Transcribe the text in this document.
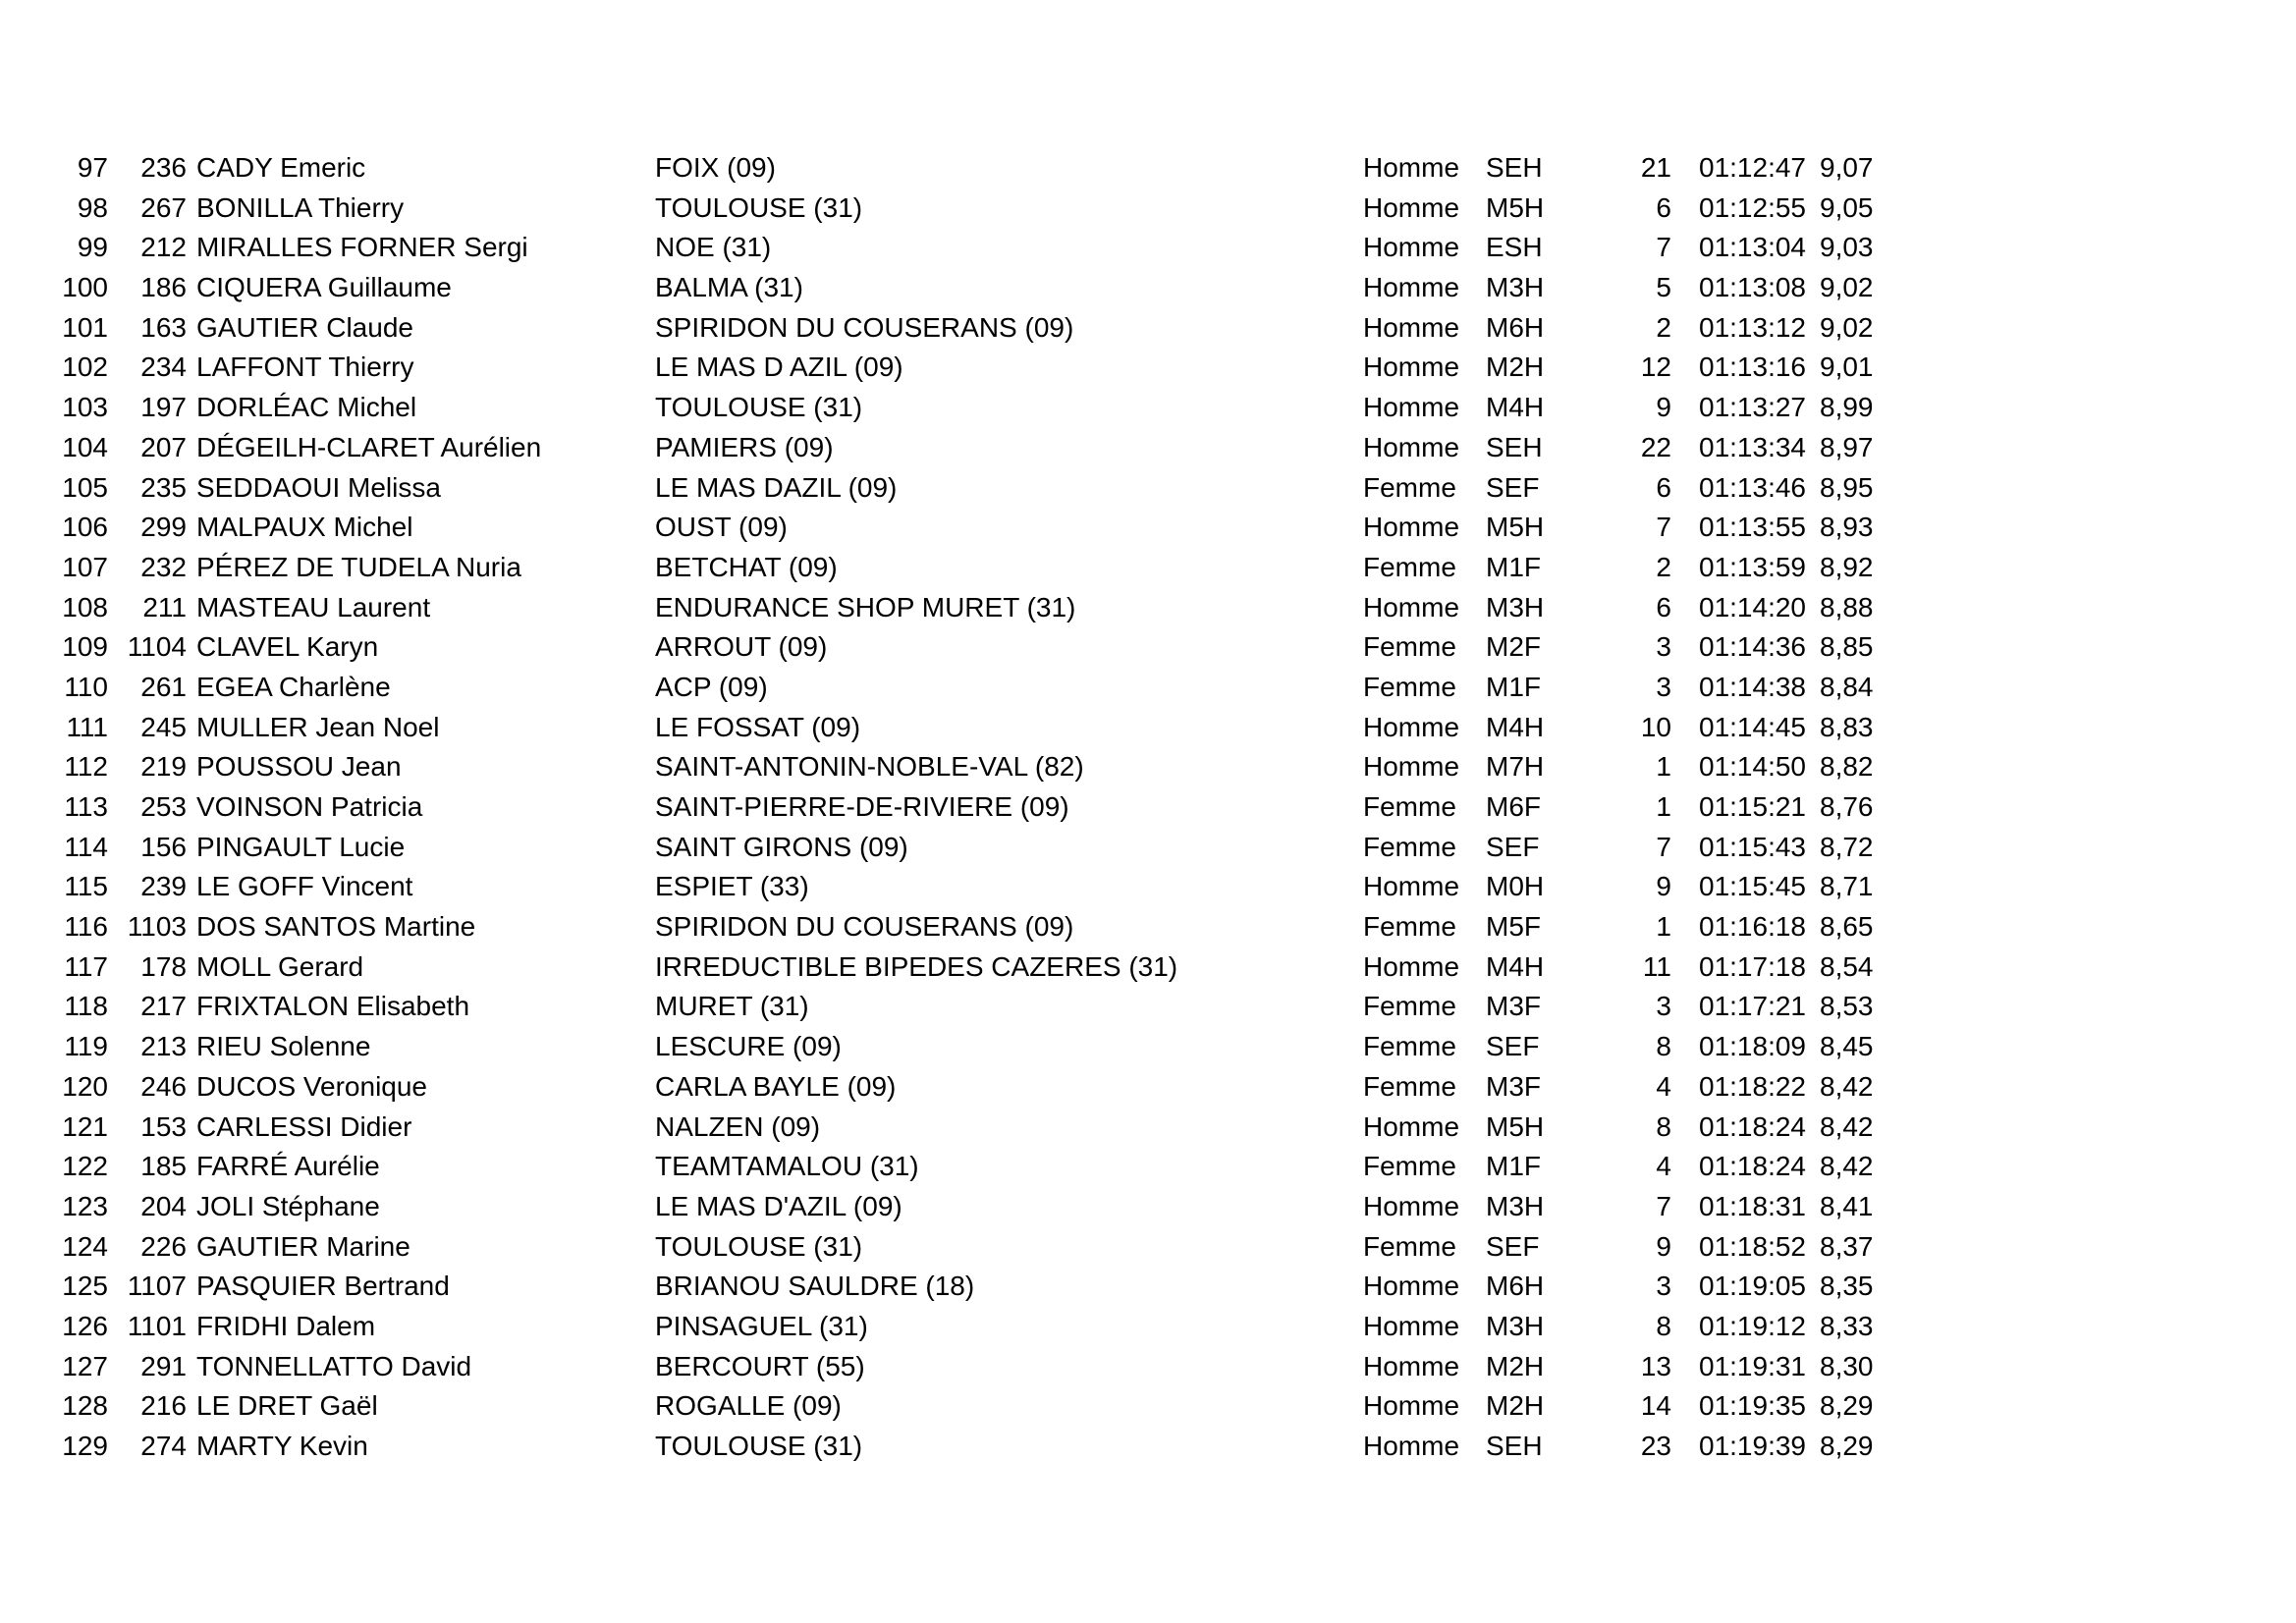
97 236 CADY Emeric	FOIX (09)	Homme SEH	21 01:12:47 9,07
98 267 BONILLA Thierry	TOULOUSE (31)	Homme M5H	6 01:12:55 9,05
99 212 MIRALLES FORNER Sergi	NOE (31)	Homme ESH	7 01:13:04 9,03
100 186 CIQUERA Guillaume	BALMA (31)	Homme M3H	5 01:13:08 9,02
101 163 GAUTIER Claude	SPIRIDON DU COUSERANS (09)	Homme M6H	2 01:13:12 9,02
102 234 LAFFONT Thierry	LE MAS D AZIL (09)	Homme M2H	12 01:13:16 9,01
103 197 DORLÉAC Michel	TOULOUSE (31)	Homme M4H	9 01:13:27 8,99
104 207 DÉGEILH-CLARET Aurélien	PAMIERS (09)	Homme SEH	22 01:13:34 8,97
105 235 SEDDAOUI Melissa	LE MAS DAZIL (09)	Femme SEF	6 01:13:46 8,95
106 299 MALPAUX Michel	OUST (09)	Homme M5H	7 01:13:55 8,93
107 232 PÉREZ DE TUDELA Nuria	BETCHAT (09)	Femme M1F	2 01:13:59 8,92
108 211 MASTEAU Laurent	ENDURANCE SHOP MURET (31)	Homme M3H	6 01:14:20 8,88
109 1104 CLAVEL Karyn	ARROUT (09)	Femme M2F	3 01:14:36 8,85
110 261 EGEA Charlène	ACP (09)	Femme M1F	3 01:14:38 8,84
111 245 MULLER Jean Noel	LE FOSSAT (09)	Homme M4H	10 01:14:45 8,83
112 219 POUSSOU Jean	SAINT-ANTONIN-NOBLE-VAL (82)	Homme M7H	1 01:14:50 8,82
113 253 VOINSON Patricia	SAINT-PIERRE-DE-RIVIERE (09)	Femme M6F	1 01:15:21 8,76
114 156 PINGAULT Lucie	SAINT GIRONS (09)	Femme SEF	7 01:15:43 8,72
115 239 LE GOFF Vincent	ESPIET (33)	Homme M0H	9 01:15:45 8,71
116 1103 DOS SANTOS Martine	SPIRIDON DU COUSERANS (09)	Femme M5F	1 01:16:18 8,65
117 178 MOLL Gerard	IRREDUCTIBLE BIPEDES CAZERES (31)	Homme M4H	11 01:17:18 8,54
118 217 FRIXTALON Elisabeth	MURET (31)	Femme M3F	3 01:17:21 8,53
119 213 RIEU Solenne	LESCURE (09)	Femme SEF	8 01:18:09 8,45
120 246 DUCOS Veronique	CARLA BAYLE (09)	Femme M3F	4 01:18:22 8,42
121 153 CARLESSI Didier	NALZEN (09)	Homme M5H	8 01:18:24 8,42
122 185 FARRÉ Aurélie	TEAMTAMALOU (31)	Femme M1F	4 01:18:24 8,42
123 204 JOLI Stéphane	LE MAS D'AZIL (09)	Homme M3H	7 01:18:31 8,41
124 226 GAUTIER Marine	TOULOUSE (31)	Femme SEF	9 01:18:52 8,37
125 1107 PASQUIER Bertrand	BRIANOU SAULDRE (18)	Homme M6H	3 01:19:05 8,35
126 1101 FRIDHI Dalem	PINSAGUEL (31)	Homme M3H	8 01:19:12 8,33
127 291 TONNELLATTO David	BERCOURT (55)	Homme M2H	13 01:19:31 8,30
128 216 LE DRET Gaël	ROGALLE (09)	Homme M2H	14 01:19:35 8,29
129 274 MARTY Kevin	TOULOUSE (31)	Homme SEH	23 01:19:39 8,29
